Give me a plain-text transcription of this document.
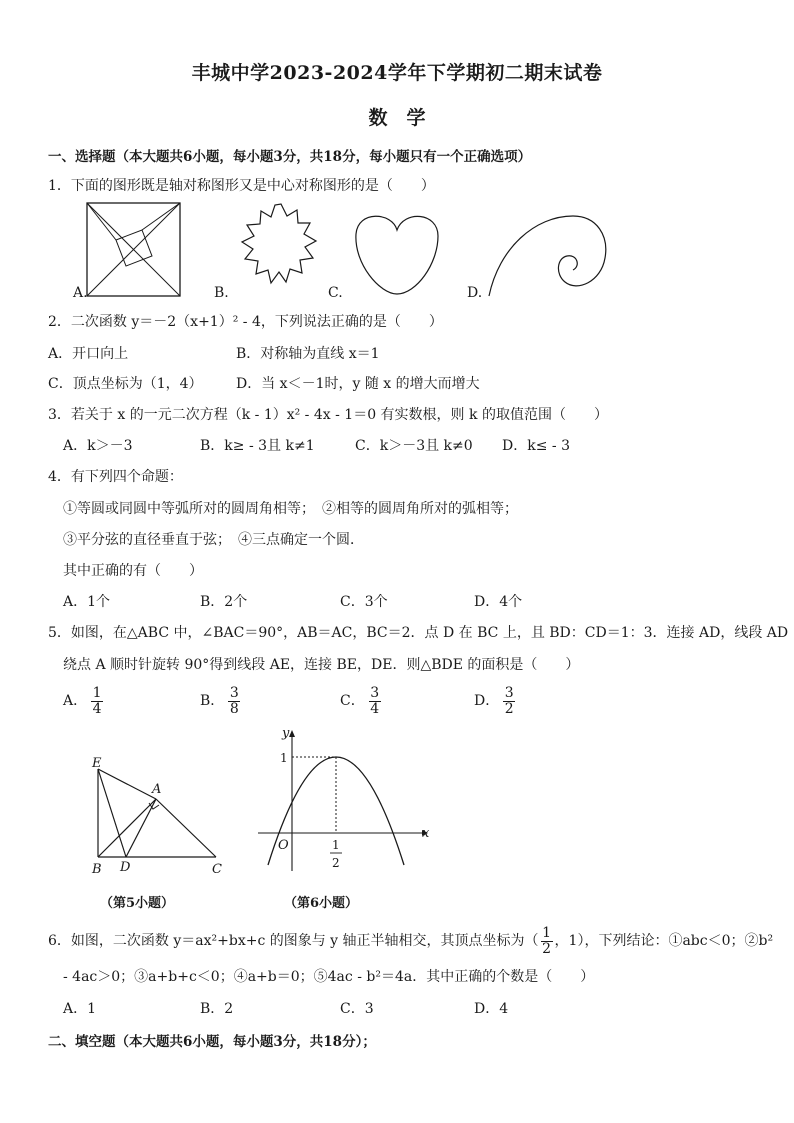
丰城中学2023-2024学年下学期初二期末试卷
数　学
一、选择题（本大题共6小题，每小题3分，共18分，每小题只有一个正确选项）
1．下面的图形既是轴对称图形又是中心对称图形的是（　　）
A.	B.	C.	D.
2．二次函数 y＝－2（x+1）² - 4，下列说法正确的是（　　）
A．开口向上	B．对称轴为直线 x＝1
C．顶点坐标为（1，4） D．当 x＜－1时，y 随 x 的增大而增大
3．若关于 x 的一元二次方程（k - 1）x² - 4x - 1＝0 有实数根，则 k 的取值范围（　　）
A．k＞－3	B．k≥ - 3且 k≠1	C．k＞－3且 k≠0 D．k≤ - 3
4．有下列四个命题：
①等圆或同圆中等弧所对的圆周角相等；　②相等的圆周角所对的弧相等；
③平分弦的直径垂直于弦；　④三点确定一个圆．
其中正确的有（　　）
A．1个	B．2个	C．3个	D．4个
5．如图，在△ABC 中，∠BAC＝90°，AB＝AC，BC＝2．点 D 在 BC 上，且 BD：CD＝1：3．连接 AD，线段 AD
绕点 A 顺时针旋转 90°得到线段 AE，连接 BE，DE．则△BDE 的面积是（　　）
A． $\frac{1}{4}$	B． $\frac{3}{8}$	C． $\frac{3}{4}$	D． $\frac{3}{2}$
E
A
B D	C
（第5小题）
y
x
O
1
1
2
（第6小题）
6．如图，二次函数 y＝ax²+bx+c 的图象与 y 轴正半轴相交，其顶点坐标为（ $\frac{1}{2}$ ，1），下列结论：①abc＜0；②b²
- 4ac＞0；③a+b+c＜0；④a+b＝0；⑤4ac - b²＝4a．其中正确的个数是（　　）
A．1	B．2	C．3	D．4
二、填空题（本大题共6小题，每小题3分，共18分）；
